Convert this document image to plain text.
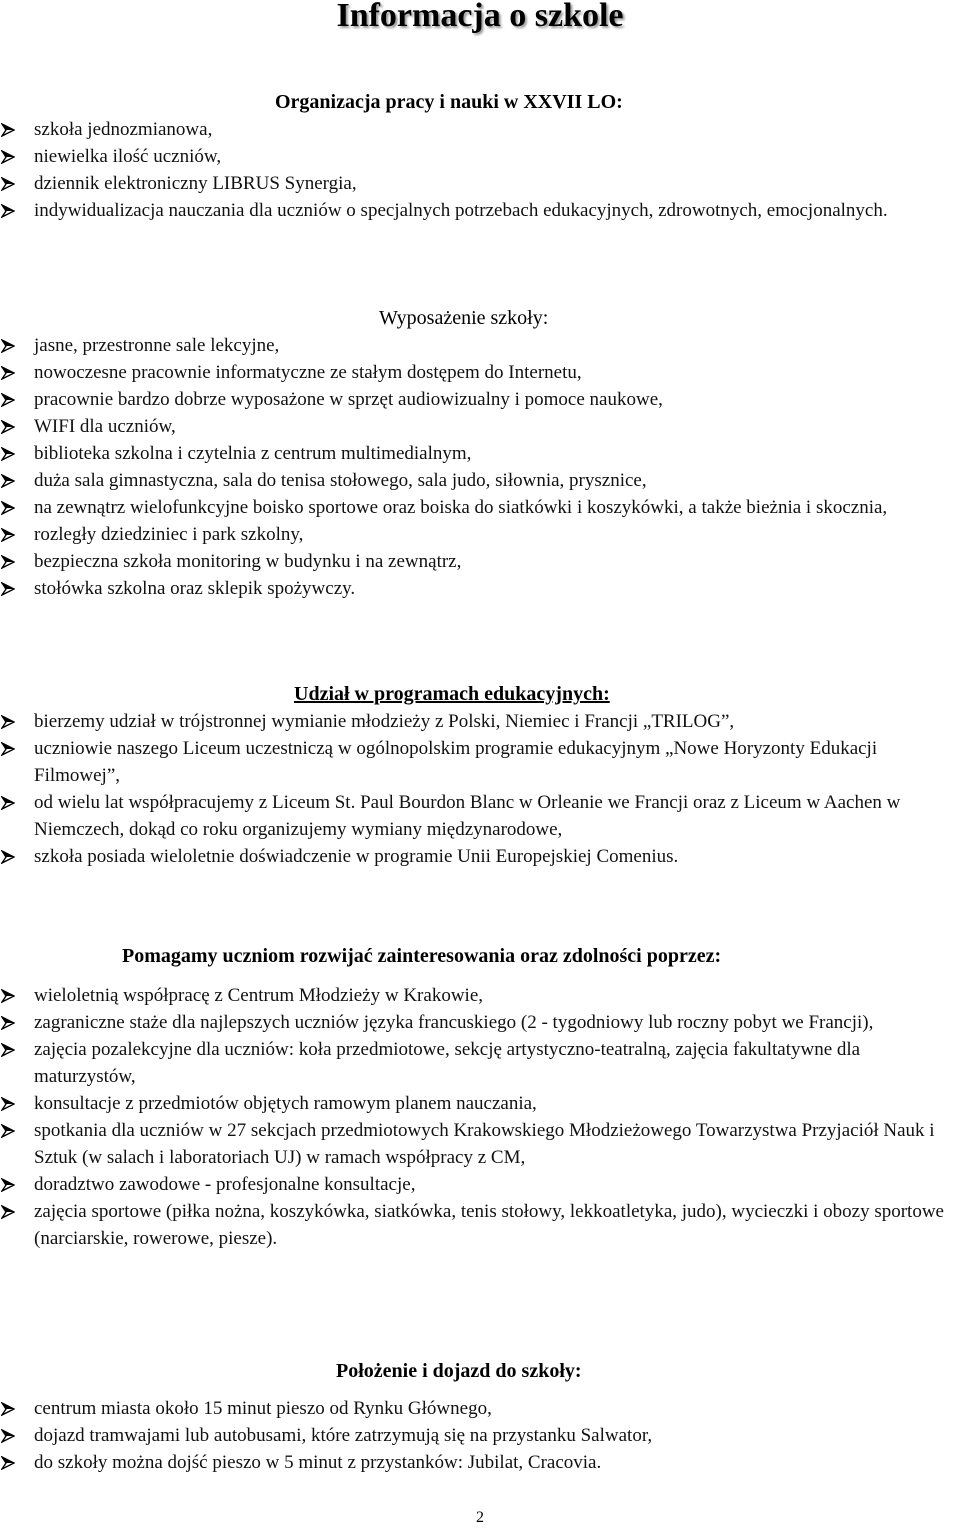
Informacja o szkole
Organizacja pracy i nauki w XXVII LO:
szkoła jednozmianowa,
niewielka ilość uczniów,
dziennik elektroniczny LIBRUS Synergia,
indywidualizacja nauczania dla uczniów o specjalnych potrzebach edukacyjnych, zdrowotnych, emocjonalnych.
Wyposażenie szkoły:
jasne, przestronne sale lekcyjne,
nowoczesne pracownie informatyczne ze stałym dostępem do Internetu,
pracownie bardzo dobrze wyposażone w sprzęt audiowizualny i pomoce naukowe,
WIFI dla uczniów,
biblioteka szkolna i czytelnia z centrum multimedialnym,
duża sala gimnastyczna, sala do tenisa stołowego, sala judo, siłownia, prysznice,
na zewnątrz wielofunkcyjne boisko sportowe oraz boiska do siatkówki i koszykówki, a także bieżnia i skocznia,
rozległy dziedziniec i park szkolny,
bezpieczna szkoła monitoring w budynku i na zewnątrz,
stołówka szkolna oraz sklepik spożywczy.
Udział w programach edukacyjnych:
bierzemy udział w trójstronnej wymianie młodzieży z Polski, Niemiec i Francji „TRILOG”,
uczniowie naszego Liceum uczestniczą w ogólnopolskim programie edukacyjnym „Nowe Horyzonty Edukacji Filmowej”,
od wielu lat współpracujemy z Liceum St. Paul Bourdon Blanc w Orleanie we Francji oraz z Liceum w Aachen w Niemczech, dokąd co roku organizujemy wymiany międzynarodowe,
szkoła posiada wieloletnie doświadczenie w programie Unii Europejskiej Comenius.
Pomagamy uczniom rozwijać zainteresowania oraz zdolności poprzez:
wieloletnią współpracę z Centrum Młodzieży w Krakowie,
zagraniczne staże dla najlepszych uczniów języka francuskiego (2 - tygodniowy lub roczny pobyt we Francji),
zajęcia pozalekcyjne dla uczniów: koła przedmiotowe, sekcję artystyczno-teatralną, zajęcia fakultatywne dla maturzystów,
konsultacje z przedmiotów objętych ramowym planem nauczania,
spotkania dla uczniów w 27 sekcjach przedmiotowych Krakowskiego Młodzieżowego Towarzystwa Przyjaciół Nauk i Sztuk (w salach i laboratoriach UJ) w ramach współpracy z CM,
doradztwo zawodowe - profesjonalne konsultacje,
zajęcia sportowe (piłka nożna, koszykówka, siatkówka, tenis stołowy, lekkoatletyka, judo), wycieczki i obozy sportowe (narciarskie, rowerowe, piesze).
Położenie i dojazd do szkoły:
centrum miasta około 15 minut pieszo od Rynku Głównego,
dojazd tramwajami lub autobusami, które zatrzymują się na przystanku Salwator,
do szkoły można dojść pieszo w 5 minut z przystanków: Jubilat, Cracovia.

2
